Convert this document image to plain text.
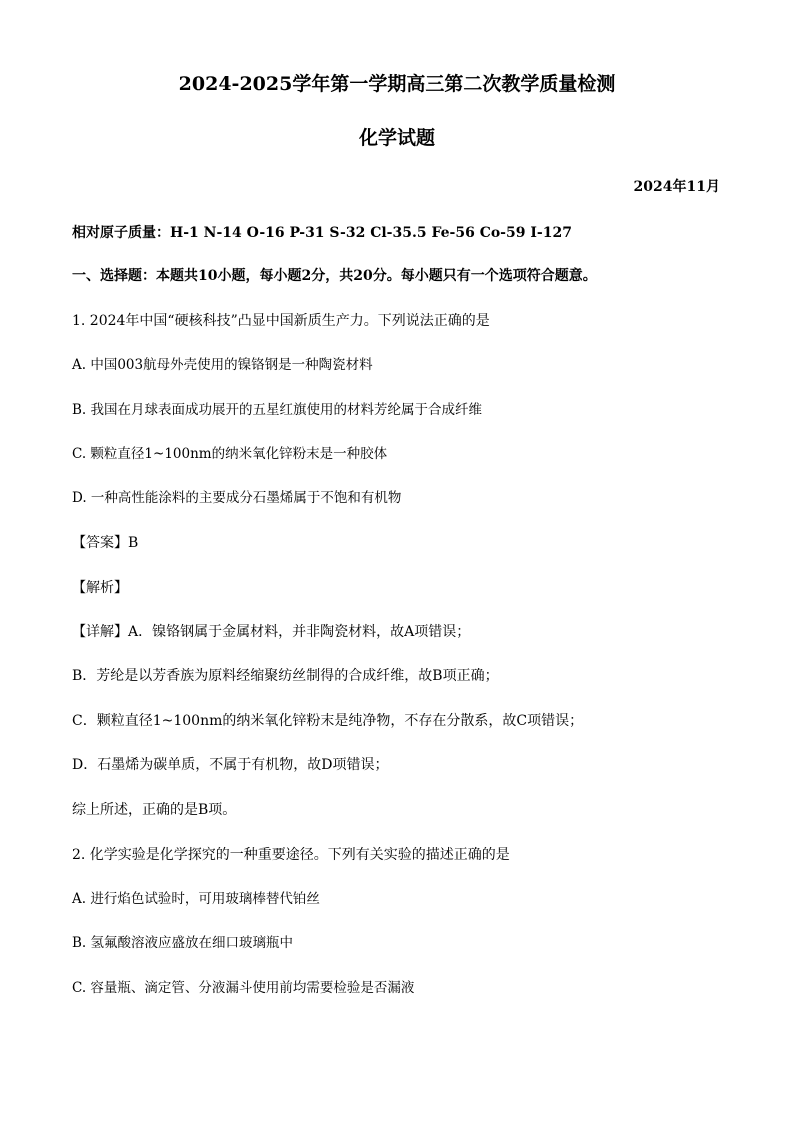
2024-2025学年第一学期高三第二次教学质量检测
化学试题
2024年11月
相对原子质量：H-1 N-14 O-16 P-31 S-32 Cl-35.5 Fe-56 Co-59 I-127
一、选择题：本题共10小题，每小题2分，共20分。每小题只有一个选项符合题意。
1. 2024年中国“硬核科技”凸显中国新质生产力。下列说法正确的是
A. 中国003航母外壳使用的镍铬钢是一种陶瓷材料
B. 我国在月球表面成功展开的五星红旗使用的材料芳纶属于合成纤维
C. 颗粒直径1~100nm的纳米氧化锌粉末是一种胶体
D. 一种高性能涂料的主要成分石墨烯属于不饱和有机物
【答案】B
【解析】
【详解】A．镍铬钢属于金属材料，并非陶瓷材料，故A项错误；
B．芳纶是以芳香族为原料经缩聚纺丝制得的合成纤维，故B项正确；
C．颗粒直径1~100nm的纳米氧化锌粉末是纯净物，不存在分散系，故C项错误；
D．石墨烯为碳单质，不属于有机物，故D项错误；
综上所述，正确的是B项。
2. 化学实验是化学探究的一种重要途径。下列有关实验的描述正确的是
A. 进行焰色试验时，可用玻璃棒替代铂丝
B. 氢氟酸溶液应盛放在细口玻璃瓶中
C. 容量瓶、滴定管、分液漏斗使用前均需要检验是否漏液
